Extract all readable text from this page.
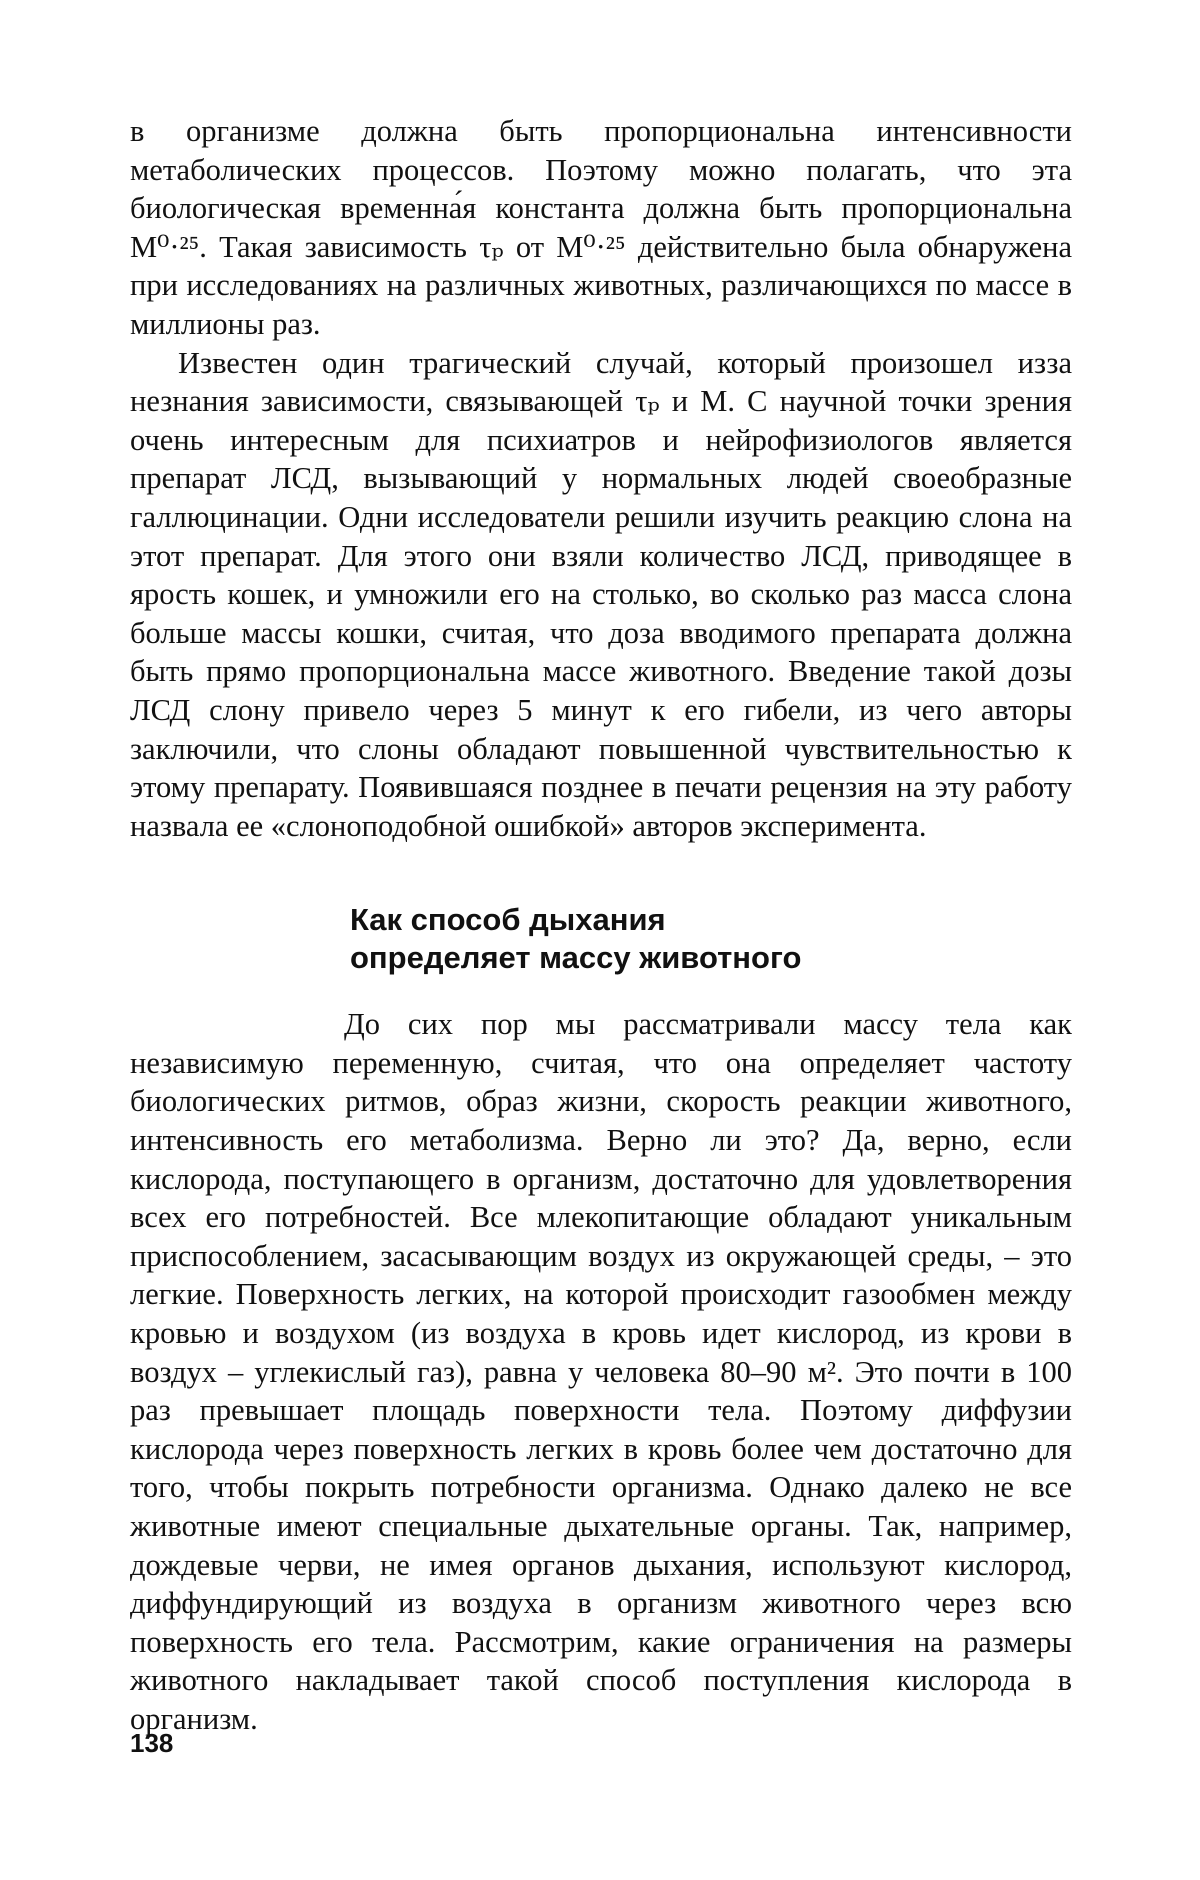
в организме должна быть пропорциональна интенсивности метаболических процессов. Поэтому можно полагать, что эта биологическая временна́я константа должна быть пропорциональна M⁰·²⁵. Такая зависимость τₚ от M⁰·²⁵ действительно была обнаружена при исследованиях на различных животных, различающихся по массе в миллионы раз.

Известен один трагический случай, который произошел изза незнания зависимости, связывающей τₚ и M. С научной точки зрения очень интересным для психиатров и нейрофизиологов является препарат ЛСД, вызывающий у нормальных людей своеобразные галлюцинации. Одни исследователи решили изучить реакцию слона на этот препарат. Для этого они взяли количество ЛСД, приводящее в ярость кошек, и умножили его на столько, во сколько раз масса слона больше массы кошки, считая, что доза вводимого препарата должна быть прямо пропорциональна массе животного. Введение такой дозы ЛСД слону привело через 5 минут к его гибели, из чего авторы заключили, что слоны обладают повышенной чувствительностью к этому препарату. Появившаяся позднее в печати рецензия на эту работу назвала ее «слоноподобной ошибкой» авторов эксперимента.

Как способ дыхания
определяет массу животного

До сих пор мы рассматривали массу тела как независимую переменную, считая, что она определяет частоту биологических ритмов, образ жизни, скорость реакции животного, интенсивность его метаболизма. Верно ли это? Да, верно, если кислорода, поступающего в организм, достаточно для удовлетворения всех его потребностей. Все млекопитающие обладают уникальным приспособлением, засасывающим воздух из окружающей среды, – это легкие. Поверхность легких, на которой происходит газообмен между кровью и воздухом (из воздуха в кровь идет кислород, из крови в воздух – углекислый газ), равна у человека 80–90 м². Это почти в 100 раз превышает площадь поверхности тела. Поэтому диффузии кислорода через поверхность легких в кровь более чем достаточно для того, чтобы покрыть потребности организма. Однако далеко не все животные имеют специальные дыхательные органы. Так, например, дождевые черви, не имея органов дыхания, используют кислород, диффундирующий из воздуха в организм животного через всю поверхность его тела. Рассмотрим, какие ограничения на размеры животного накладывает такой способ поступления кислорода в организм.

138
